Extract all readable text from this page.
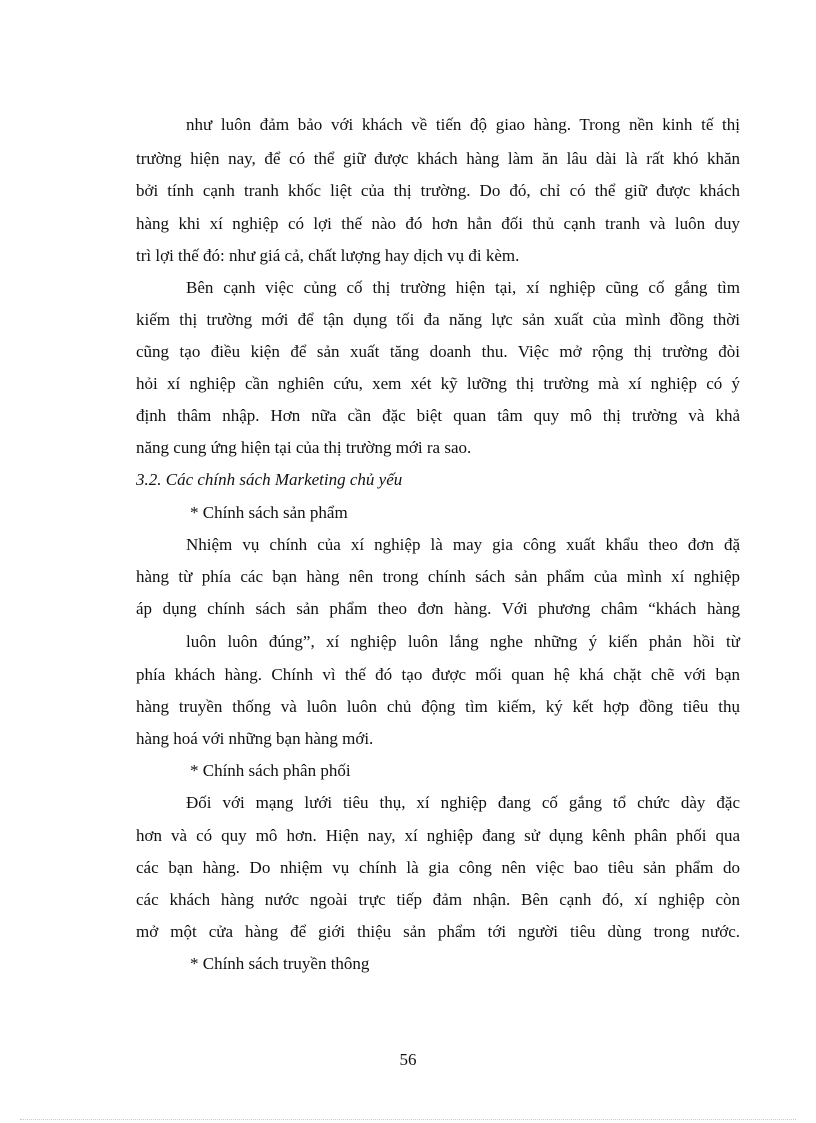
như luôn đảm bảo với khách về tiến độ giao hàng. Trong nền kinh tế thị
trường hiện nay, để có thể giữ được khách hàng làm ăn lâu dài là rất khó khăn
bởi tính cạnh tranh khốc liệt của thị trường. Do đó, chỉ có thể giữ được khách
hàng khi xí nghiệp có lợi thế nào đó hơn hẳn đối thủ cạnh tranh và luôn duy
trì lợi thế đó: như giá cả, chất lượng hay dịch vụ đi kèm.
Bên cạnh việc củng cố thị trường hiện tại, xí nghiệp cũng cố gắng tìm
kiếm thị trường mới để tận dụng tối đa năng lực sản xuất của mình đồng thời
cũng tạo điều kiện để sản xuất tăng doanh thu. Việc mở rộng thị trường đòi
hỏi xí nghiệp cần nghiên cứu, xem xét kỹ lưỡng thị trường mà xí nghiệp có ý
định thâm nhập. Hơn nữa cần đặc biệt quan tâm quy mô thị trường và khả
năng cung ứng hiện tại của thị trường mới ra sao.
3.2. Các chính sách Marketing chủ yếu
* Chính sách sản phẩm
Nhiệm vụ chính của xí nghiệp là may gia công xuất khẩu theo đơn đặ
hàng từ phía các bạn hàng nên trong chính sách sản phẩm của mình xí nghiệp
áp dụng chính sách sản phẩm theo đơn hàng. Với phương châm “khách hàng
luôn luôn đúng”, xí nghiệp luôn lắng nghe những ý kiến phản hồi từ
phía khách hàng. Chính vì thế đó tạo được mối quan hệ khá chặt chẽ với bạn
hàng truyền thống và luôn luôn chủ động tìm kiếm, ký kết hợp đồng tiêu thụ
hàng hoá với những bạn hàng mới.
* Chính sách phân phối
Đối với mạng lưới tiêu thụ, xí nghiệp đang cố gắng tổ chức dày đặc
hơn và có quy mô hơn. Hiện nay, xí nghiệp đang sử dụng kênh phân phối qua
các bạn hàng. Do nhiệm vụ chính là gia công nên việc bao tiêu sản phẩm do
các khách hàng nước ngoài trực tiếp đảm nhận. Bên cạnh đó, xí nghiệp còn
mở một cửa hàng để giới thiệu sản phẩm tới người tiêu dùng trong nước.
* Chính sách truyền thông
56
